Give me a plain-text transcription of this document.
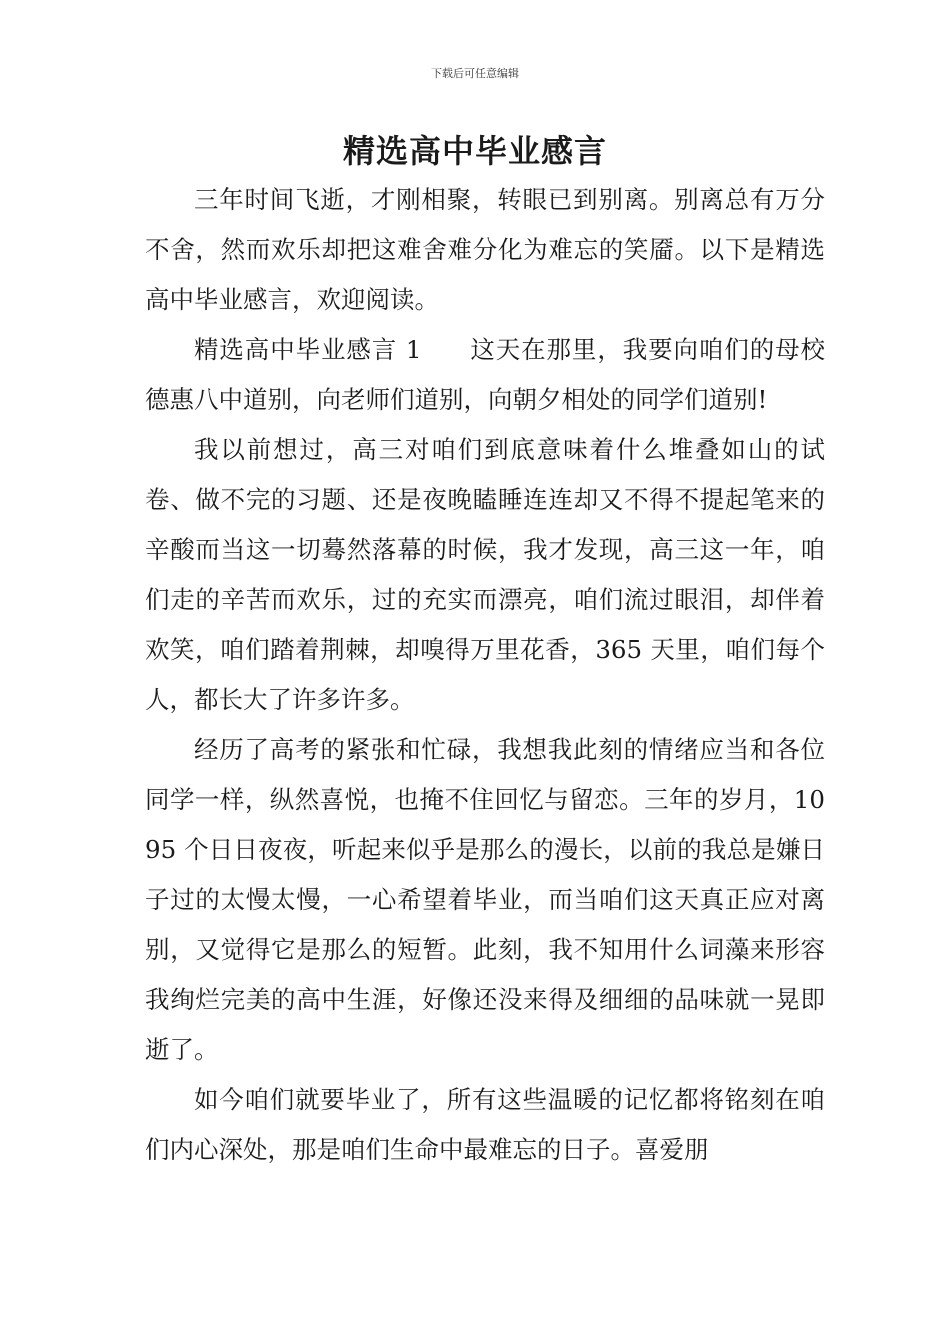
下载后可任意编辑
精选高中毕业感言

三年时间飞逝，才刚相聚，转眼已到别离。别离总有万分不舍，然而欢乐却把这难舍难分化为难忘的笑靥。以下是精选高中毕业感言，欢迎阅读。

精选高中毕业感言 1 这天在那里，我要向咱们的母校德惠八中道别，向老师们道别，向朝夕相处的同学们道别!

我以前想过，高三对咱们到底意味着什么堆叠如山的试卷、做不完的习题、还是夜晚瞌睡连连却又不得不提起笔来的辛酸而当这一切蓦然落幕的时候，我才发现，高三这一年，咱们走的辛苦而欢乐，过的充实而漂亮，咱们流过眼泪，却伴着欢笑，咱们踏着荆棘，却嗅得万里花香，365 天里，咱们每个人，都长大了许多许多。

经历了高考的紧张和忙碌，我想我此刻的情绪应当和各位同学一样，纵然喜悦，也掩不住回忆与留恋。三年的岁月，1095 个日日夜夜，听起来似乎是那么的漫长，以前的我总是嫌日子过的太慢太慢，一心希望着毕业，而当咱们这天真正应对离别，又觉得它是那么的短暂。此刻，我不知用什么词藻来形容我绚烂完美的高中生涯，好像还没来得及细细的品味就一晃即逝了。

如今咱们就要毕业了，所有这些温暖的记忆都将铭刻在咱们内心深处，那是咱们生命中最难忘的日子。喜爱朋
